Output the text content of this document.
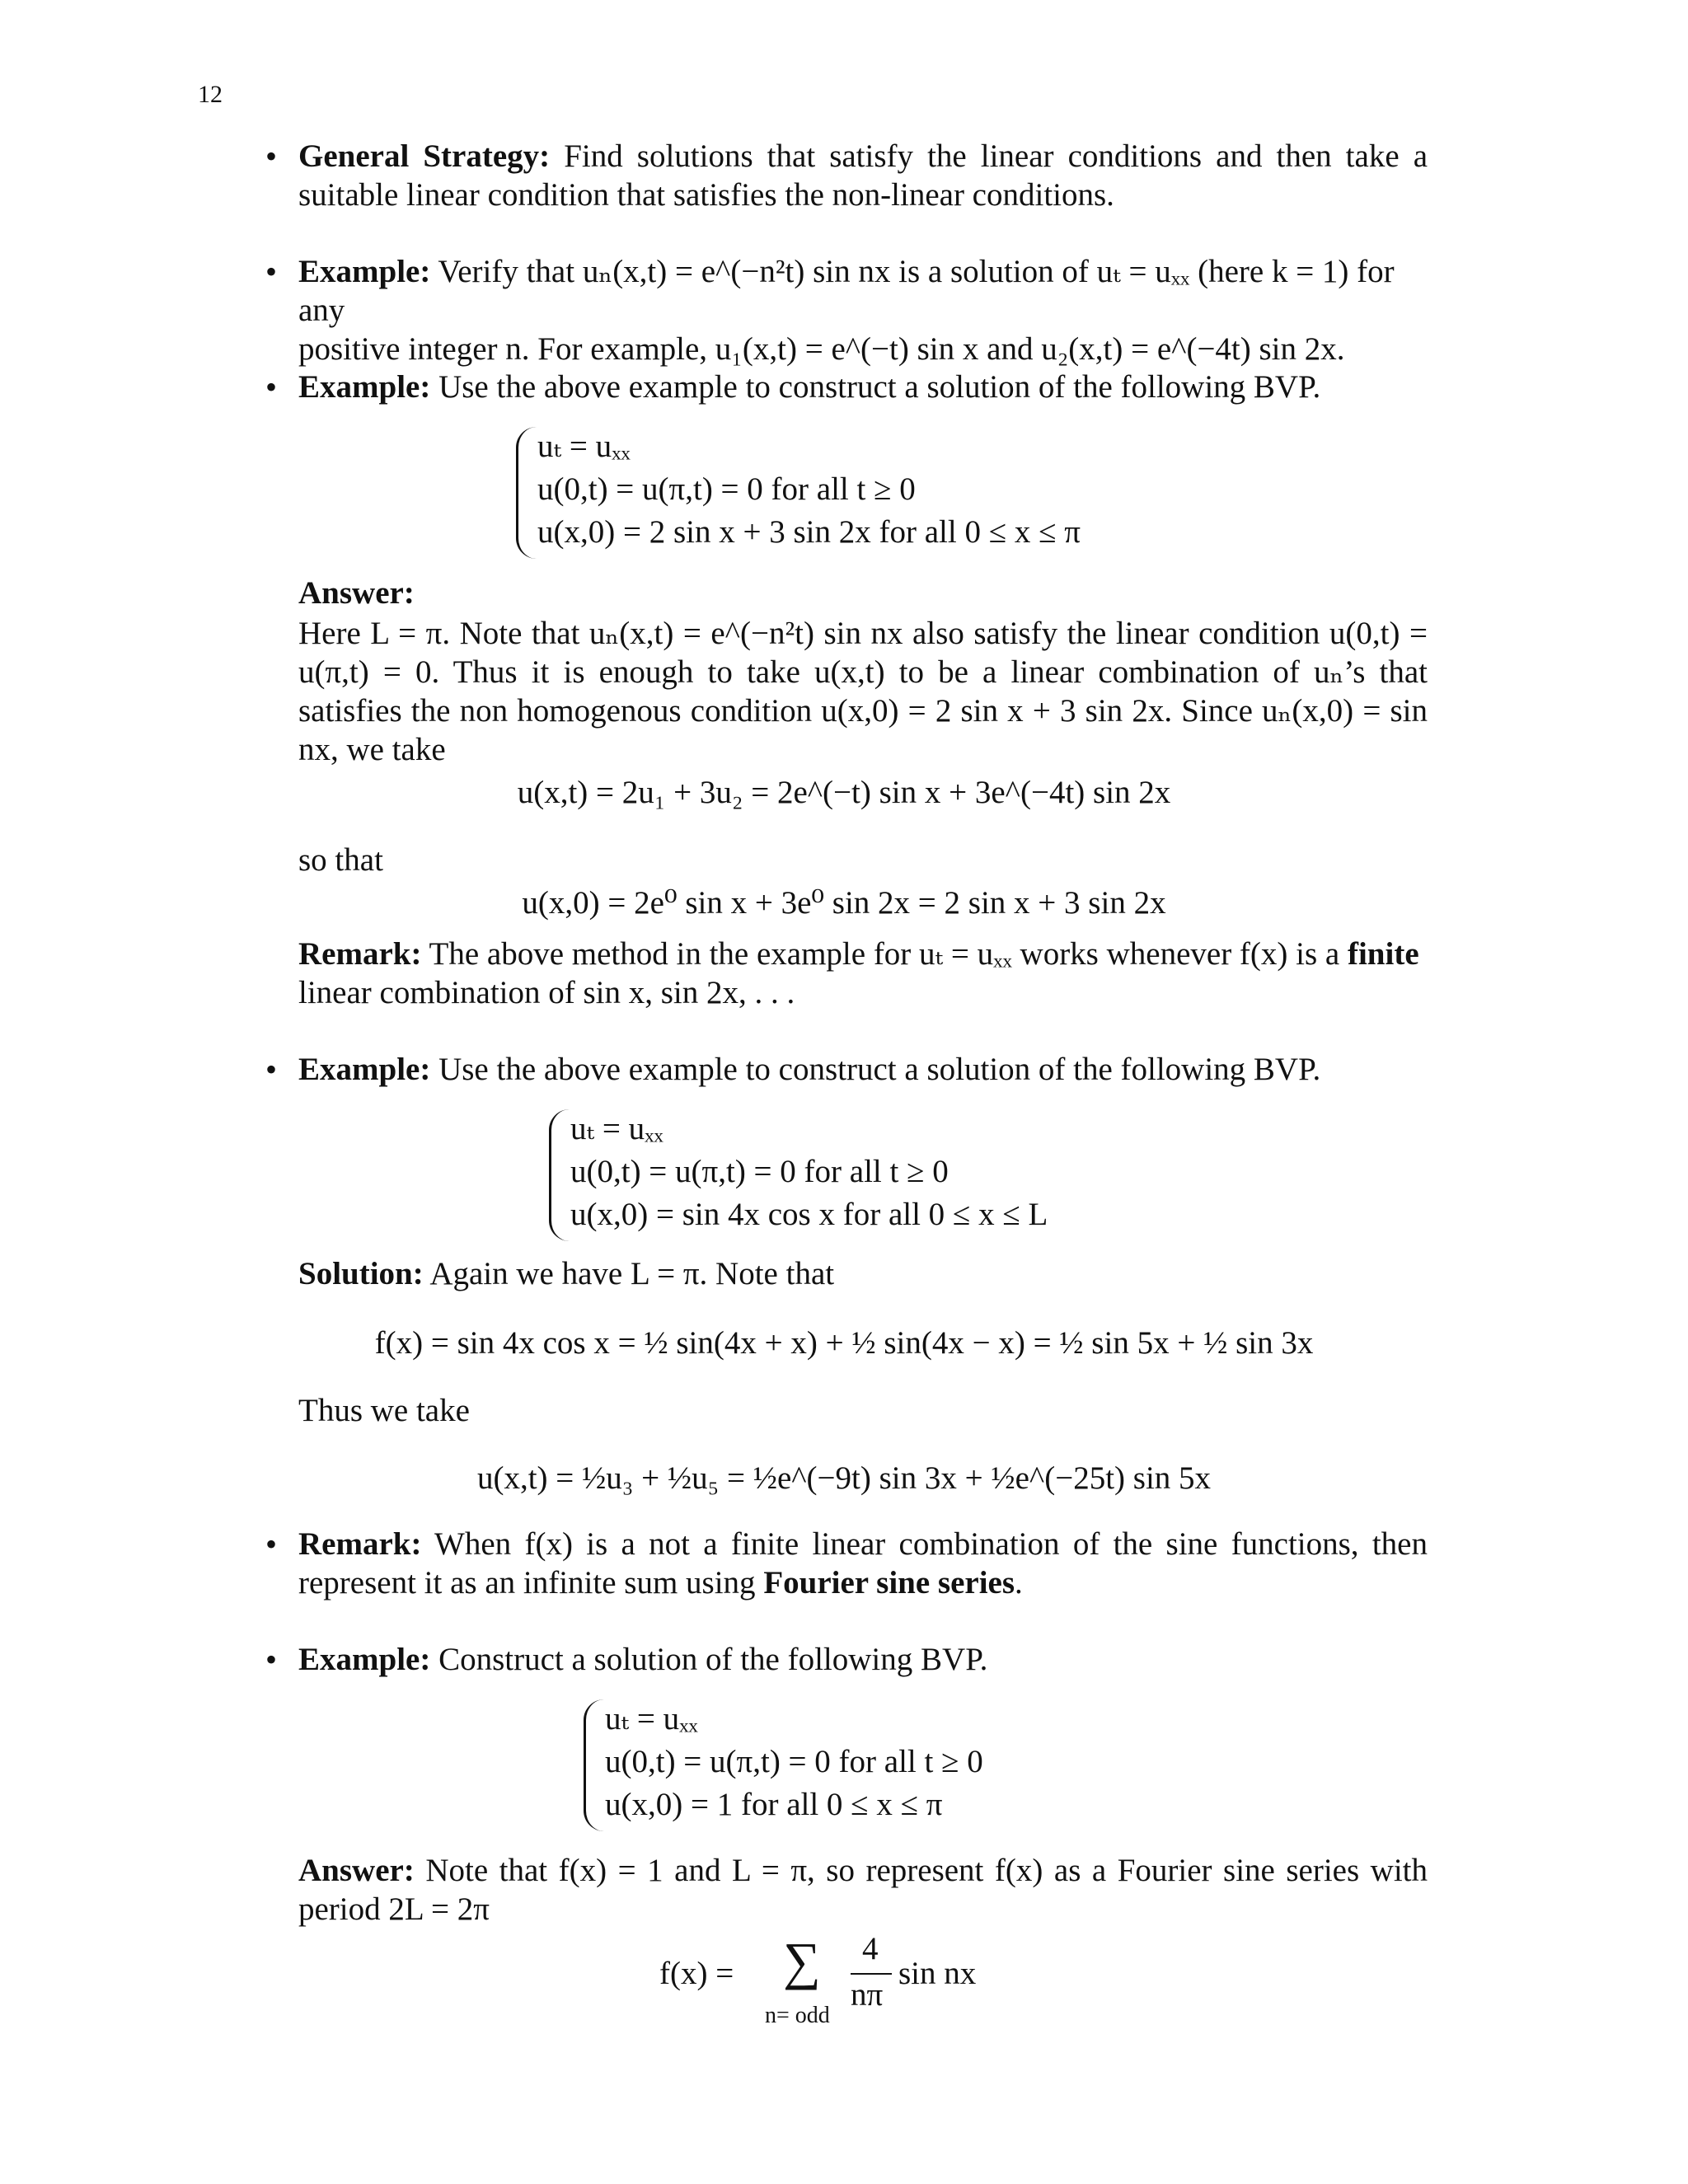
12
• General Strategy: Find solutions that satisfy the linear conditions and then take a suitable linear condition that satisfies the non-linear conditions.
• Example: Verify that uₙ(x,t) = e^(−n²t) sin nx is a solution of uₜ = uₓₓ (here k = 1) for any
positive integer n. For example, u₁(x,t) = e^(−t) sin x and u₂(x,t) = e^(−4t) sin 2x.
• Example: Use the above example to construct a solution of the following BVP.
uₜ = uₓₓ
u(0,t) = u(π,t) = 0 for all t ≥ 0
u(x,0) = 2 sin x + 3 sin 2x for all 0 ≤ x ≤ π
Answer:
Here L = π. Note that uₙ(x,t) = e^(−n²t) sin nx also satisfy the linear condition u(0,t) = u(π,t) = 0. Thus it is enough to take u(x,t) to be a linear combination of uₙ’s that satisfies the non homogenous condition u(x,0) = 2 sin x + 3 sin 2x. Since uₙ(x,0) = sin nx, we take
u(x,t) = 2u₁ + 3u₂ = 2e^(−t) sin x + 3e^(−4t) sin 2x
so that
u(x,0) = 2e⁰ sin x + 3e⁰ sin 2x = 2 sin x + 3 sin 2x
Remark: The above method in the example for uₜ = uₓₓ works whenever f(x) is a finite
linear combination of sin x, sin 2x, . . .
• Example: Use the above example to construct a solution of the following BVP.
uₜ = uₓₓ
u(0,t) = u(π,t) = 0 for all t ≥ 0
u(x,0) = sin 4x cos x for all 0 ≤ x ≤ L
Solution: Again we have L = π. Note that
f(x) = sin 4x cos x = ½ sin(4x + x) + ½ sin(4x − x) = ½ sin 5x + ½ sin 3x
Thus we take
u(x,t) = ½u₃ + ½u₅ = ½e^(−9t) sin 3x + ½e^(−25t) sin 5x
• Remark: When f(x) is a not a finite linear combination of the sine functions, then represent it as an infinite sum using Fourier sine series.
• Example: Construct a solution of the following BVP.
uₜ = uₓₓ
u(0,t) = u(π,t) = 0 for all t ≥ 0
u(x,0) = 1 for all 0 ≤ x ≤ π
Answer: Note that f(x) = 1 and L = π, so represent f(x) as a Fourier sine series with period 2L = 2π
f(x) = ∑
n= odd
4
nπ
sin nx
